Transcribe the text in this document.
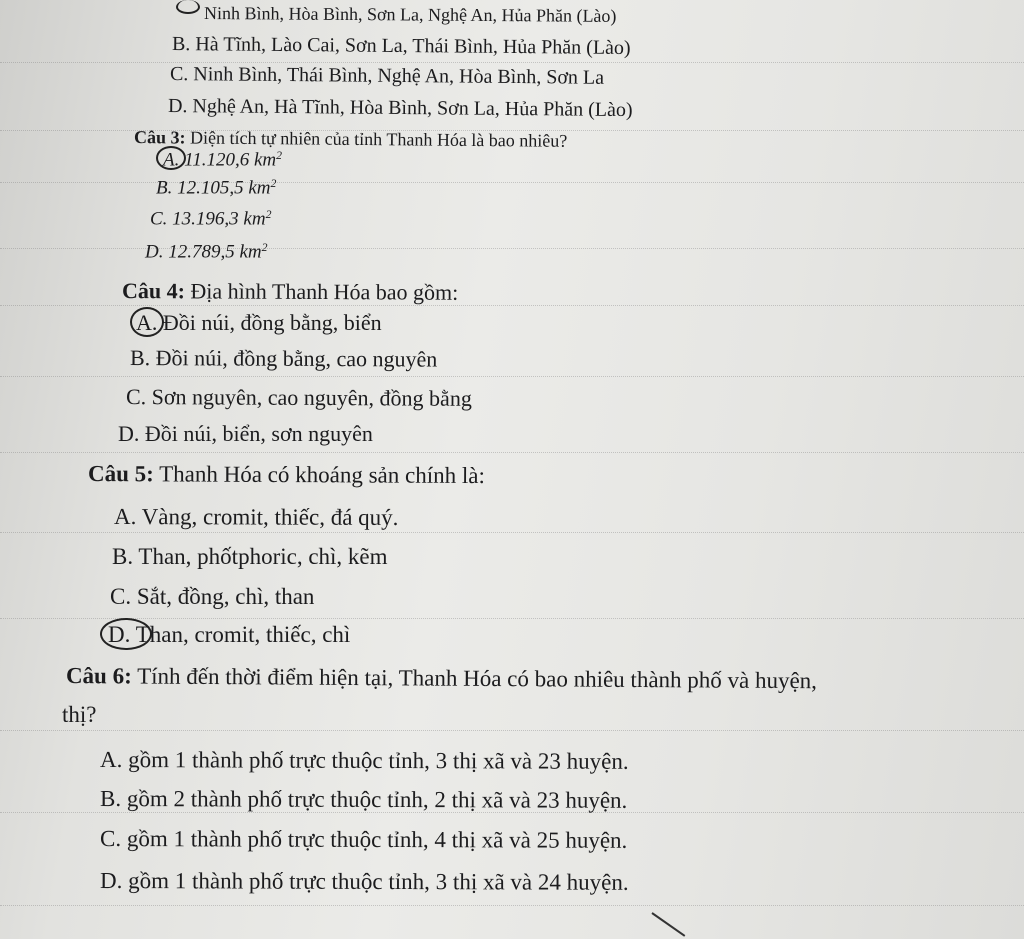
Ninh Bình, Hòa Bình, Sơn La, Nghệ An, Hủa Phăn (Lào)
B. Hà Tĩnh, Lào Cai, Sơn La, Thái Bình, Hủa Phăn (Lào)
C. Ninh Bình, Thái Bình, Nghệ An, Hòa Bình, Sơn La
D. Nghệ An, Hà Tĩnh, Hòa Bình, Sơn La, Hủa Phăn (Lào)
Câu 3: Diện tích tự nhiên của tỉnh Thanh Hóa là bao nhiêu?
A. 11.120,6 $km^2$
B. 12.105,5 $km^2$
C. 13.196,3 $km^2$
D. 12.789,5 $km^2$
Câu 4: Địa hình Thanh Hóa bao gồm:
A. Đồi núi, đồng bằng, biển
B. Đồi núi, đồng bằng, cao nguyên
C. Sơn nguyên, cao nguyên, đồng bằng
D. Đồi núi, biển, sơn nguyên
Câu 5: Thanh Hóa có khoáng sản chính là:
A. Vàng, cromit, thiếc, đá quý.
B. Than, phốtphoric, chì, kẽm
C. Sắt, đồng, chì, than
D. Than, cromit, thiếc, chì
Câu 6: Tính đến thời điểm hiện tại, Thanh Hóa có bao nhiêu thành phố và huyện,
thị?
A. gồm 1 thành phố trực thuộc tỉnh, 3 thị xã và 23 huyện.
B. gồm 2 thành phố trực thuộc tỉnh, 2 thị xã và 23 huyện.
C. gồm 1 thành phố trực thuộc tỉnh, 4 thị xã và 25 huyện.
D. gồm 1 thành phố trực thuộc tỉnh, 3 thị xã và 24 huyện.
